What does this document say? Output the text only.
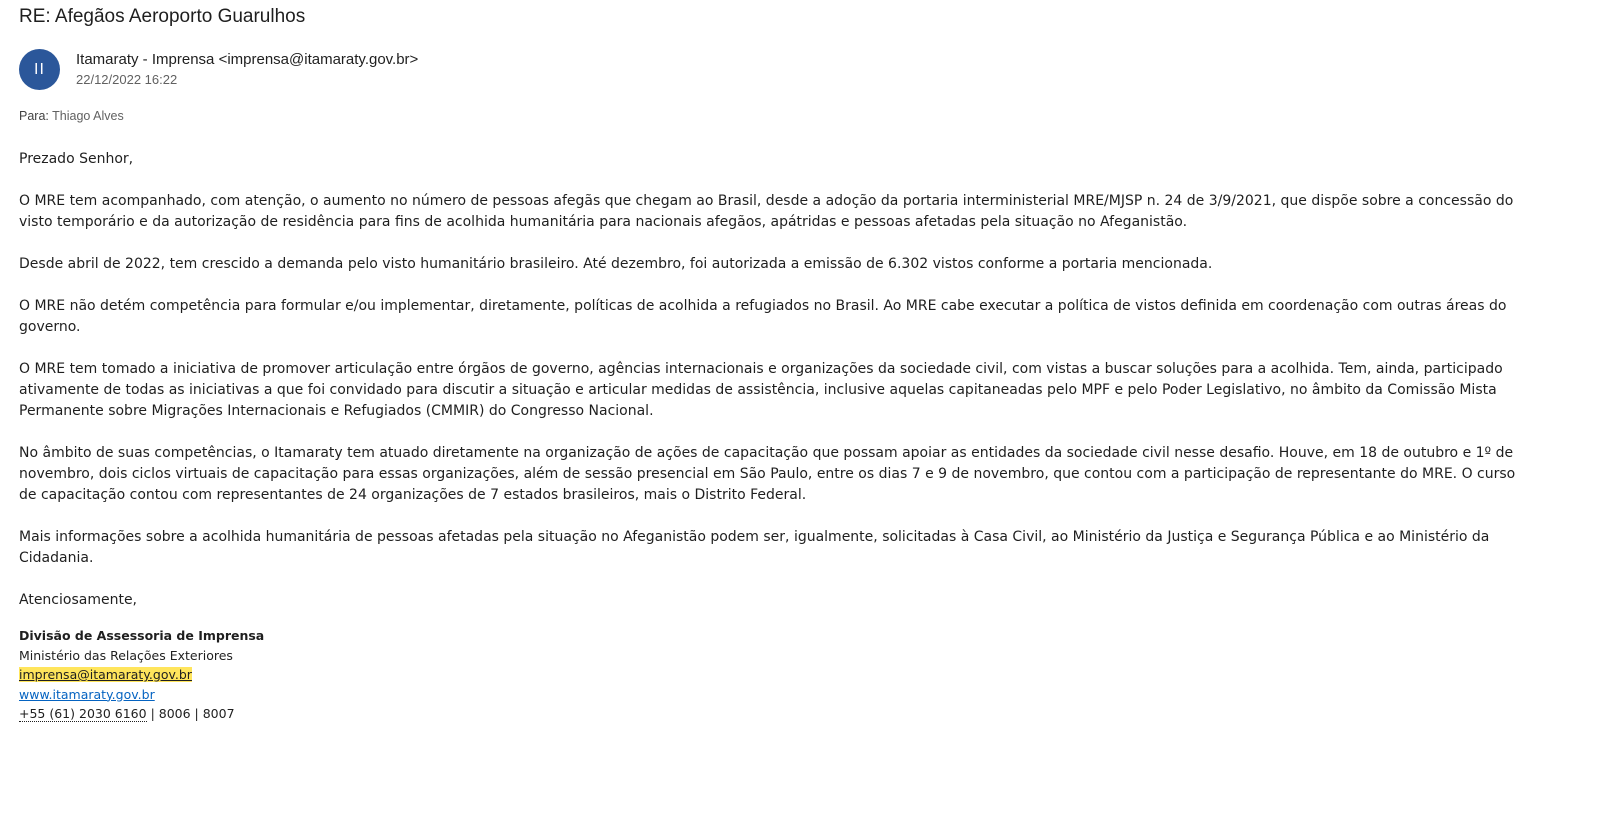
RE: Afegãos Aeroporto Guarulhos
II
Itamaraty - Imprensa <imprensa@itamaraty.gov.br>
22/12/2022 16:22
Para: Thiago Alves

Prezado Senhor,

O MRE tem acompanhado, com atenção, o aumento no número de pessoas afegãs que chegam ao Brasil, desde a adoção da portaria interministerial MRE/MJSP n. 24 de 3/9/2021, que dispõe sobre a concessão do visto temporário e da autorização de residência para fins de acolhida humanitária para nacionais afegãos, apátridas e pessoas afetadas pela situação no Afeganistão.

Desde abril de 2022, tem crescido a demanda pelo visto humanitário brasileiro. Até dezembro, foi autorizada a emissão de 6.302 vistos conforme a portaria mencionada.

O MRE não detém competência para formular e/ou implementar, diretamente, políticas de acolhida a refugiados no Brasil. Ao MRE cabe executar a política de vistos definida em coordenação com outras áreas do governo.

O MRE tem tomado a iniciativa de promover articulação entre órgãos de governo, agências internacionais e organizações da sociedade civil, com vistas a buscar soluções para a acolhida. Tem, ainda, participado ativamente de todas as iniciativas a que foi convidado para discutir a situação e articular medidas de assistência, inclusive aquelas capitaneadas pelo MPF e pelo Poder Legislativo, no âmbito da Comissão Mista Permanente sobre Migrações Internacionais e Refugiados (CMMIR) do Congresso Nacional.

No âmbito de suas competências, o Itamaraty tem atuado diretamente na organização de ações de capacitação que possam apoiar as entidades da sociedade civil nesse desafio. Houve, em 18 de outubro e 1º de novembro, dois ciclos virtuais de capacitação para essas organizações, além de sessão presencial em São Paulo, entre os dias 7 e 9 de novembro, que contou com a participação de representante do MRE. O curso de capacitação contou com representantes de 24 organizações de 7 estados brasileiros, mais o Distrito Federal.

Mais informações sobre a acolhida humanitária de pessoas afetadas pela situação no Afeganistão podem ser, igualmente, solicitadas à Casa Civil, ao Ministério da Justiça e Segurança Pública e ao Ministério da Cidadania.

Atenciosamente,

Divisão de Assessoria de Imprensa
Ministério das Relações Exteriores
imprensa@itamaraty.gov.br
www.itamaraty.gov.br
+55 (61) 2030 6160 | 8006 | 8007
